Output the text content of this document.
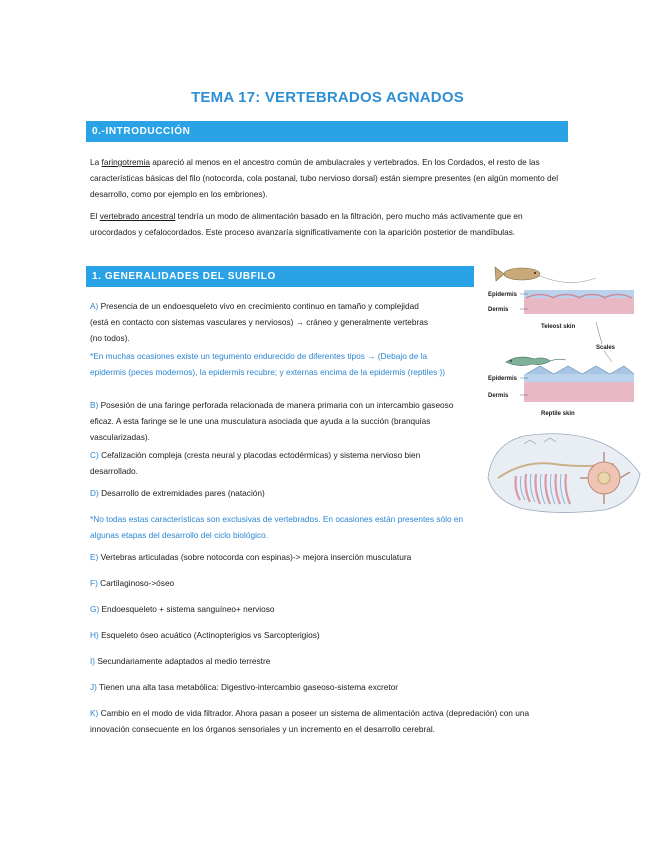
TEMA 17: VERTEBRADOS AGNADOS
0.-INTRODUCCIÓN
La faringotremia apareció al menos en el ancestro común de ambulacrales y vertebrados. En los Cordados, el resto de las características básicas del filo (notocorda, cola postanal, tubo nervioso dorsal) están siempre presentes (en algún momento del desarrollo, como por ejemplo en los embriones).
El vertebrado ancestral tendría un modo de alimentación basado en la filtración, pero mucho más activamente que en urocordados y cefalocordados. Este proceso avanzaría significativamente con la aparición posterior de mandíbulas.
1. GENERALIDADES DEL SUBFILO
A) Presencia de un endoesqueleto vivo en crecimiento continuo en tamaño y complejidad (está en contacto con sistemas vasculares y nerviosos) → cráneo y generalmente vertebras (no todos).
*En muchas ocasiones existe un tegumento endurecido de diferentes tipos → (Debajo de la epidermis (peces modernos), la epidermis recubre; y externas encima de la epidermis (reptiles ))
B) Posesión de una faringe perforada relacionada de manera primaria con un intercambio gaseoso eficaz. A esta faringe se le une una musculatura asociada que ayuda a la succión (branquias vascularizadas).
C) Cefalización compleja (cresta neural y placodas ectodérmicas) y sistema nervioso bien desarrollado.
D) Desarrollo de extremidades pares (natación)
*No todas estas características son exclusivas de vertebrados. En ocasiones están presentes sólo en algunas etapas del desarrollo del ciclo biológico.
E) Vertebras articuladas (sobre notocorda con espinas)-> mejora inserción musculatura
F) Cartilaginoso->óseo
G) Endoesqueleto + sistema sanguíneo+ nervioso
H) Esqueleto óseo acuático (Actinopterigios vs Sarcopterigios)
I) Secundariamente adaptados al medio terrestre
J) Tienen una alta tasa metabólica: Digestivo-intercambio gaseoso-sistema excretor
K) Cambio en el modo de vida filtrador. Ahora pasan a poseer un sistema de alimentación activa (depredación) con una innovación consecuente en los órganos sensoriales y un incremento en el desarrollo cerebral.
Epidermis
Dermis
Teleost skin
Scales
Epidermis
Dermis
Reptile skin
